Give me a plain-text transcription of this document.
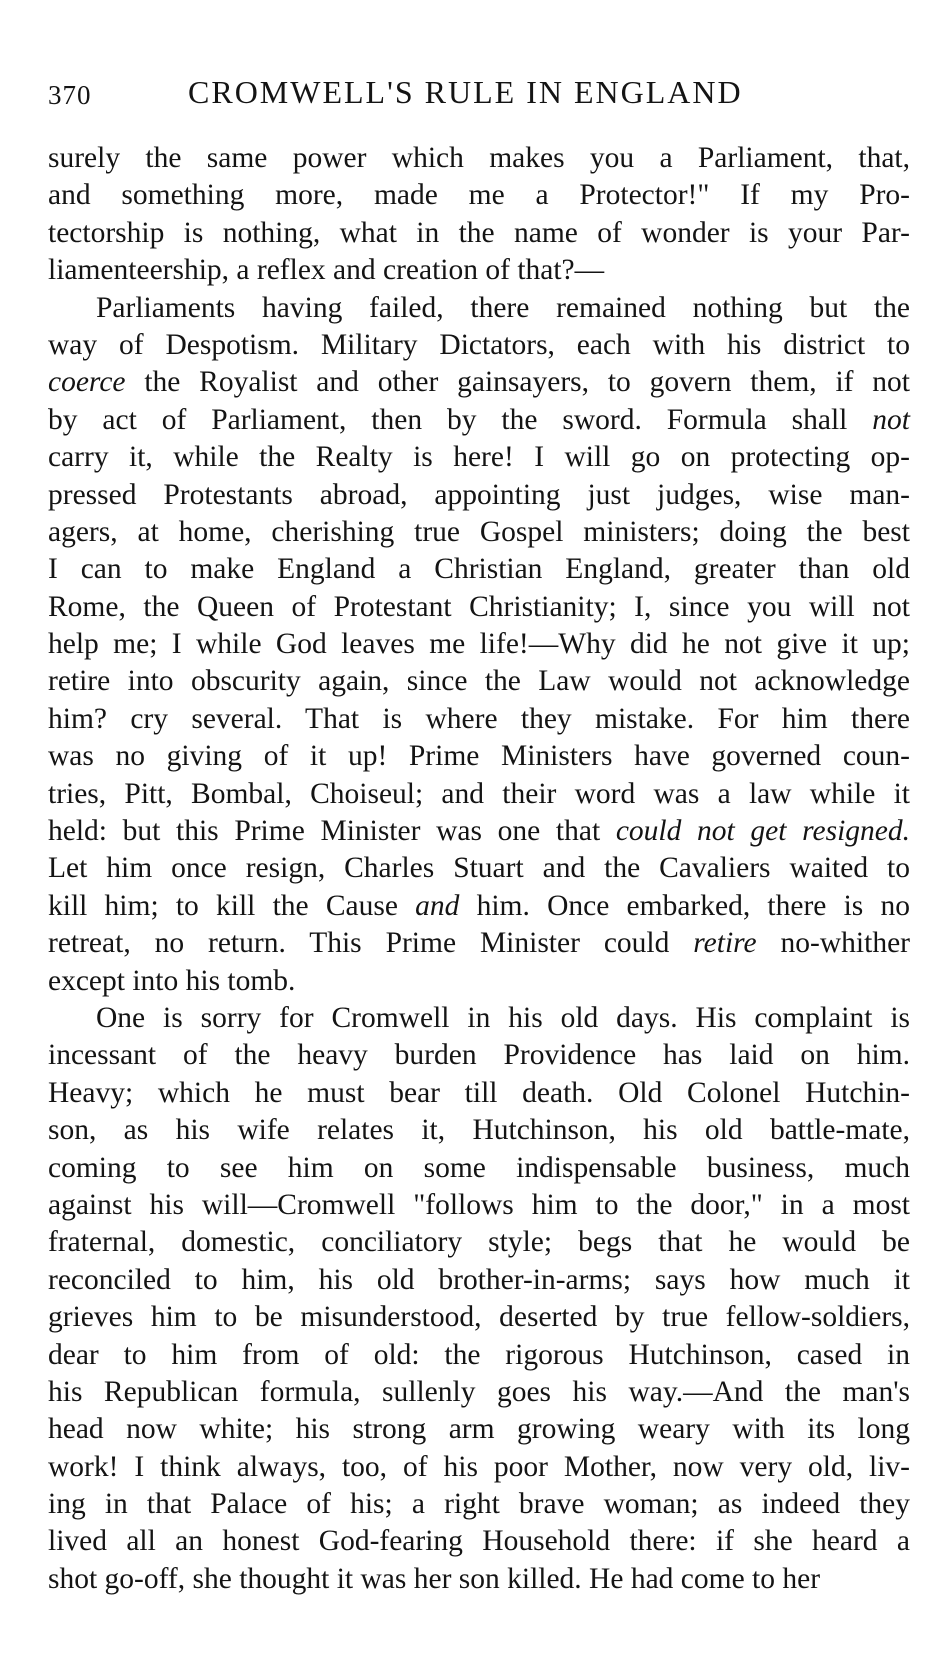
370	CROMWELL'S RULE IN ENGLAND
surely the same power which makes you a Parliament, that,
and something more, made me a Protector!" If my Pro-
tectorship is nothing, what in the name of wonder is your Par-
liamenteership, a reflex and creation of that?—
Parliaments having failed, there remained nothing but the
way of Despotism. Military Dictators, each with his district to
coerce the Royalist and other gainsayers, to govern them, if not
by act of Parliament, then by the sword. Formula shall not
carry it, while the Realty is here! I will go on protecting op-
pressed Protestants abroad, appointing just judges, wise man-
agers, at home, cherishing true Gospel ministers; doing the best
I can to make England a Christian England, greater than old
Rome, the Queen of Protestant Christianity; I, since you will not
help me; I while God leaves me life!—Why did he not give it up;
retire into obscurity again, since the Law would not acknowledge
him? cry several. That is where they mistake. For him there
was no giving of it up! Prime Ministers have governed coun-
tries, Pitt, Bombal, Choiseul; and their word was a law while it
held: but this Prime Minister was one that could not get resigned.
Let him once resign, Charles Stuart and the Cavaliers waited to
kill him; to kill the Cause and him. Once embarked, there is no
retreat, no return. This Prime Minister could retire no-whither
except into his tomb.
One is sorry for Cromwell in his old days. His complaint is
incessant of the heavy burden Providence has laid on him.
Heavy; which he must bear till death. Old Colonel Hutchin-
son, as his wife relates it, Hutchinson, his old battle-mate,
coming to see him on some indispensable business, much
against his will—Cromwell "follows him to the door," in a most
fraternal, domestic, conciliatory style; begs that he would be
reconciled to him, his old brother-in-arms; says how much it
grieves him to be misunderstood, deserted by true fellow-soldiers,
dear to him from of old: the rigorous Hutchinson, cased in
his Republican formula, sullenly goes his way.—And the man's
head now white; his strong arm growing weary with its long
work! I think always, too, of his poor Mother, now very old, liv-
ing in that Palace of his; a right brave woman; as indeed they
lived all an honest God-fearing Household there: if she heard a
shot go-off, she thought it was her son killed. He had come to her
